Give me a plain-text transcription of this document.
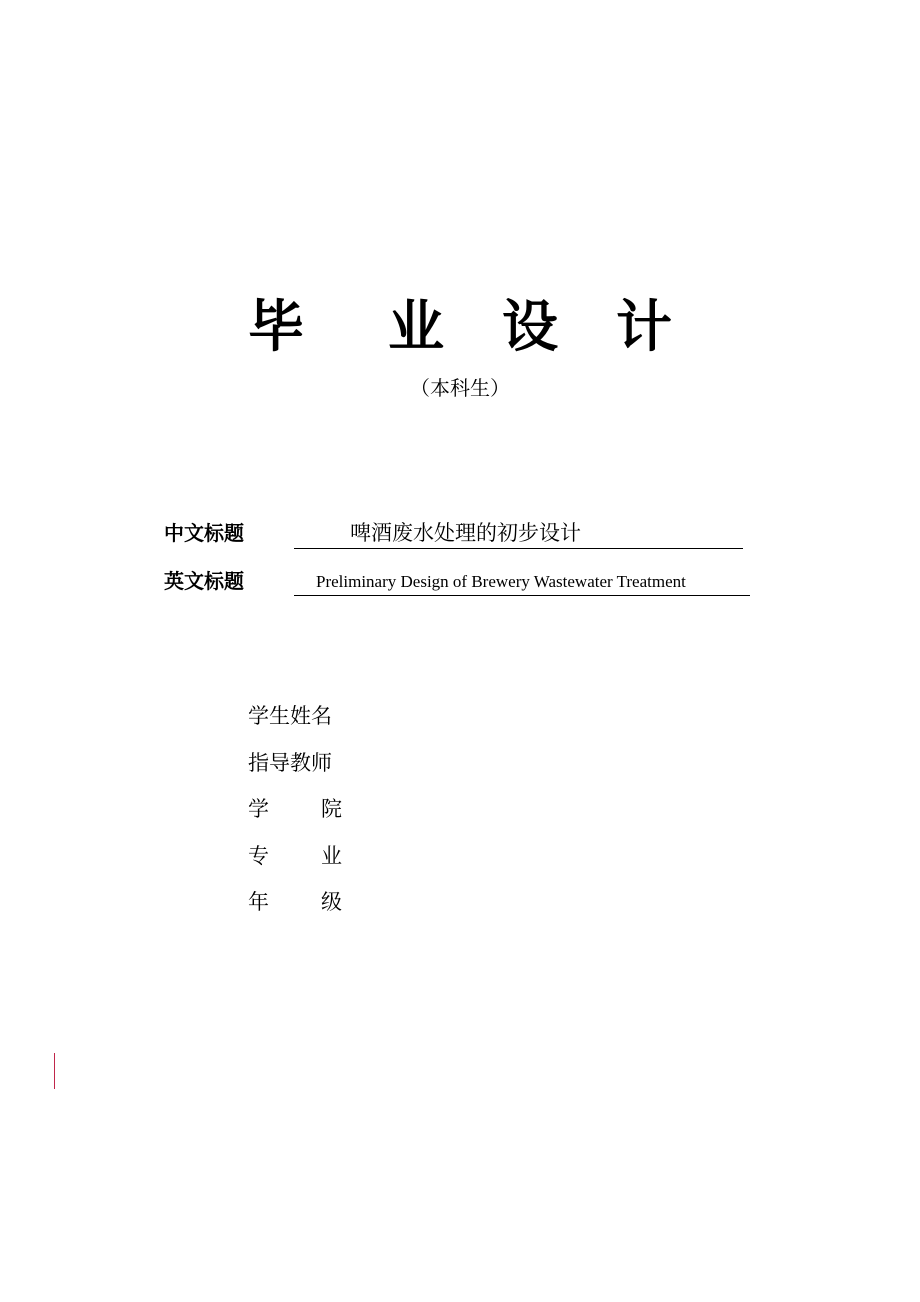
毕 业 设 计
（本科生）
中文标题	啤酒废水处理的初步设计
英文标题	Preliminary Design of Brewery Wastewater Treatment
学生姓名
指导教师
学 院
专 业
年 级
